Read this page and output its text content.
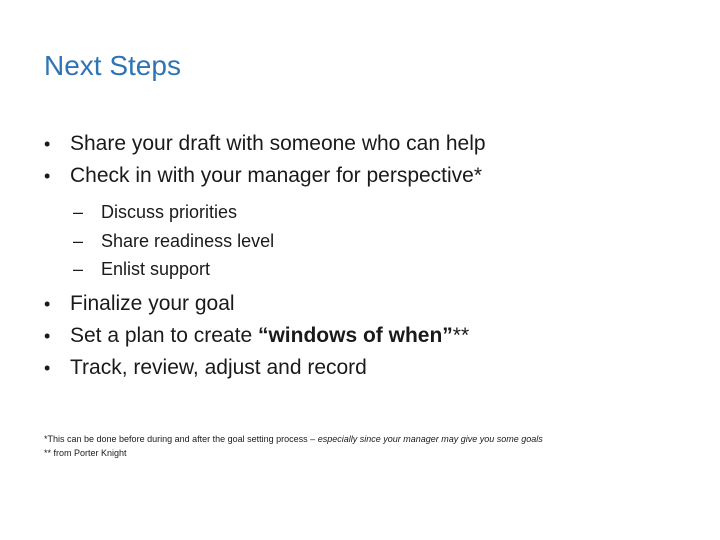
Next Steps
• Share your draft with someone who can help
• Check in with your manager for perspective*
– Discuss priorities
– Share readiness level
– Enlist support
• Finalize your goal
• Set a plan to create “windows of when”**
• Track, review, adjust and record
*This can be done before during and after the goal setting process – especially since your manager may give you some goals
** from Porter Knight
